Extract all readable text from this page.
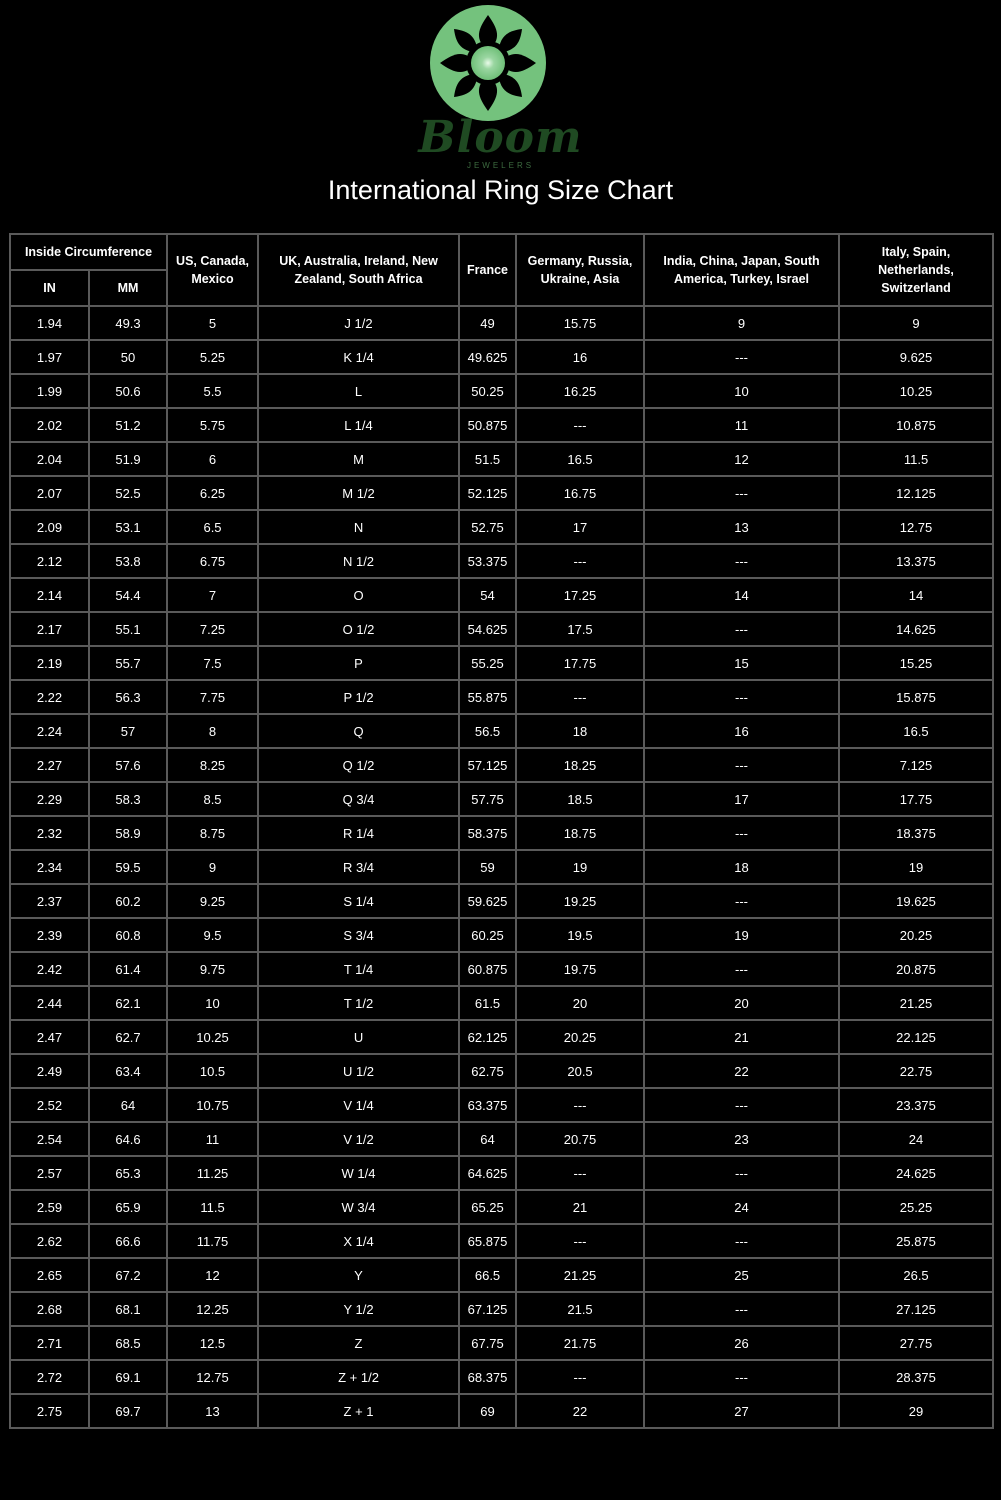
Bloom
JEWELERS
International Ring Size Chart
Inside Circumference		US, Canada, Mexico	UK, Australia, Ireland, New Zealand, South Africa	France	Germany, Russia, Ukraine, Asia	India, China, Japan, South America, Turkey, Israel	Italy, Spain, Netherlands, Switzerland
IN	MM						
1.94	49.3	5	J 1/2	49	15.75	9	9
1.97	50	5.25	K 1/4	49.625	16	---	9.625
1.99	50.6	5.5	L	50.25	16.25	10	10.25
2.02	51.2	5.75	L 1/4	50.875	---	11	10.875
2.04	51.9	6	M	51.5	16.5	12	11.5
2.07	52.5	6.25	M 1/2	52.125	16.75	---	12.125
2.09	53.1	6.5	N	52.75	17	13	12.75
2.12	53.8	6.75	N 1/2	53.375	---	---	13.375
2.14	54.4	7	O	54	17.25	14	14
2.17	55.1	7.25	O 1/2	54.625	17.5	---	14.625
2.19	55.7	7.5	P	55.25	17.75	15	15.25
2.22	56.3	7.75	P 1/2	55.875	---	---	15.875
2.24	57	8	Q	56.5	18	16	16.5
2.27	57.6	8.25	Q 1/2	57.125	18.25	---	7.125
2.29	58.3	8.5	Q 3/4	57.75	18.5	17	17.75
2.32	58.9	8.75	R 1/4	58.375	18.75	---	18.375
2.34	59.5	9	R 3/4	59	19	18	19
2.37	60.2	9.25	S 1/4	59.625	19.25	---	19.625
2.39	60.8	9.5	S 3/4	60.25	19.5	19	20.25
2.42	61.4	9.75	T 1/4	60.875	19.75	---	20.875
2.44	62.1	10	T 1/2	61.5	20	20	21.25
2.47	62.7	10.25	U	62.125	20.25	21	22.125
2.49	63.4	10.5	U 1/2	62.75	20.5	22	22.75
2.52	64	10.75	V 1/4	63.375	---	---	23.375
2.54	64.6	11	V 1/2	64	20.75	23	24
2.57	65.3	11.25	W 1/4	64.625	---	---	24.625
2.59	65.9	11.5	W 3/4	65.25	21	24	25.25
2.62	66.6	11.75	X 1/4	65.875	---	---	25.875
2.65	67.2	12	Y	66.5	21.25	25	26.5
2.68	68.1	12.25	Y 1/2	67.125	21.5	---	27.125
2.71	68.5	12.5	Z	67.75	21.75	26	27.75
2.72	69.1	12.75	Z + 1/2	68.375	---	---	28.375
2.75	69.7	13	Z + 1	69	22	27	29
